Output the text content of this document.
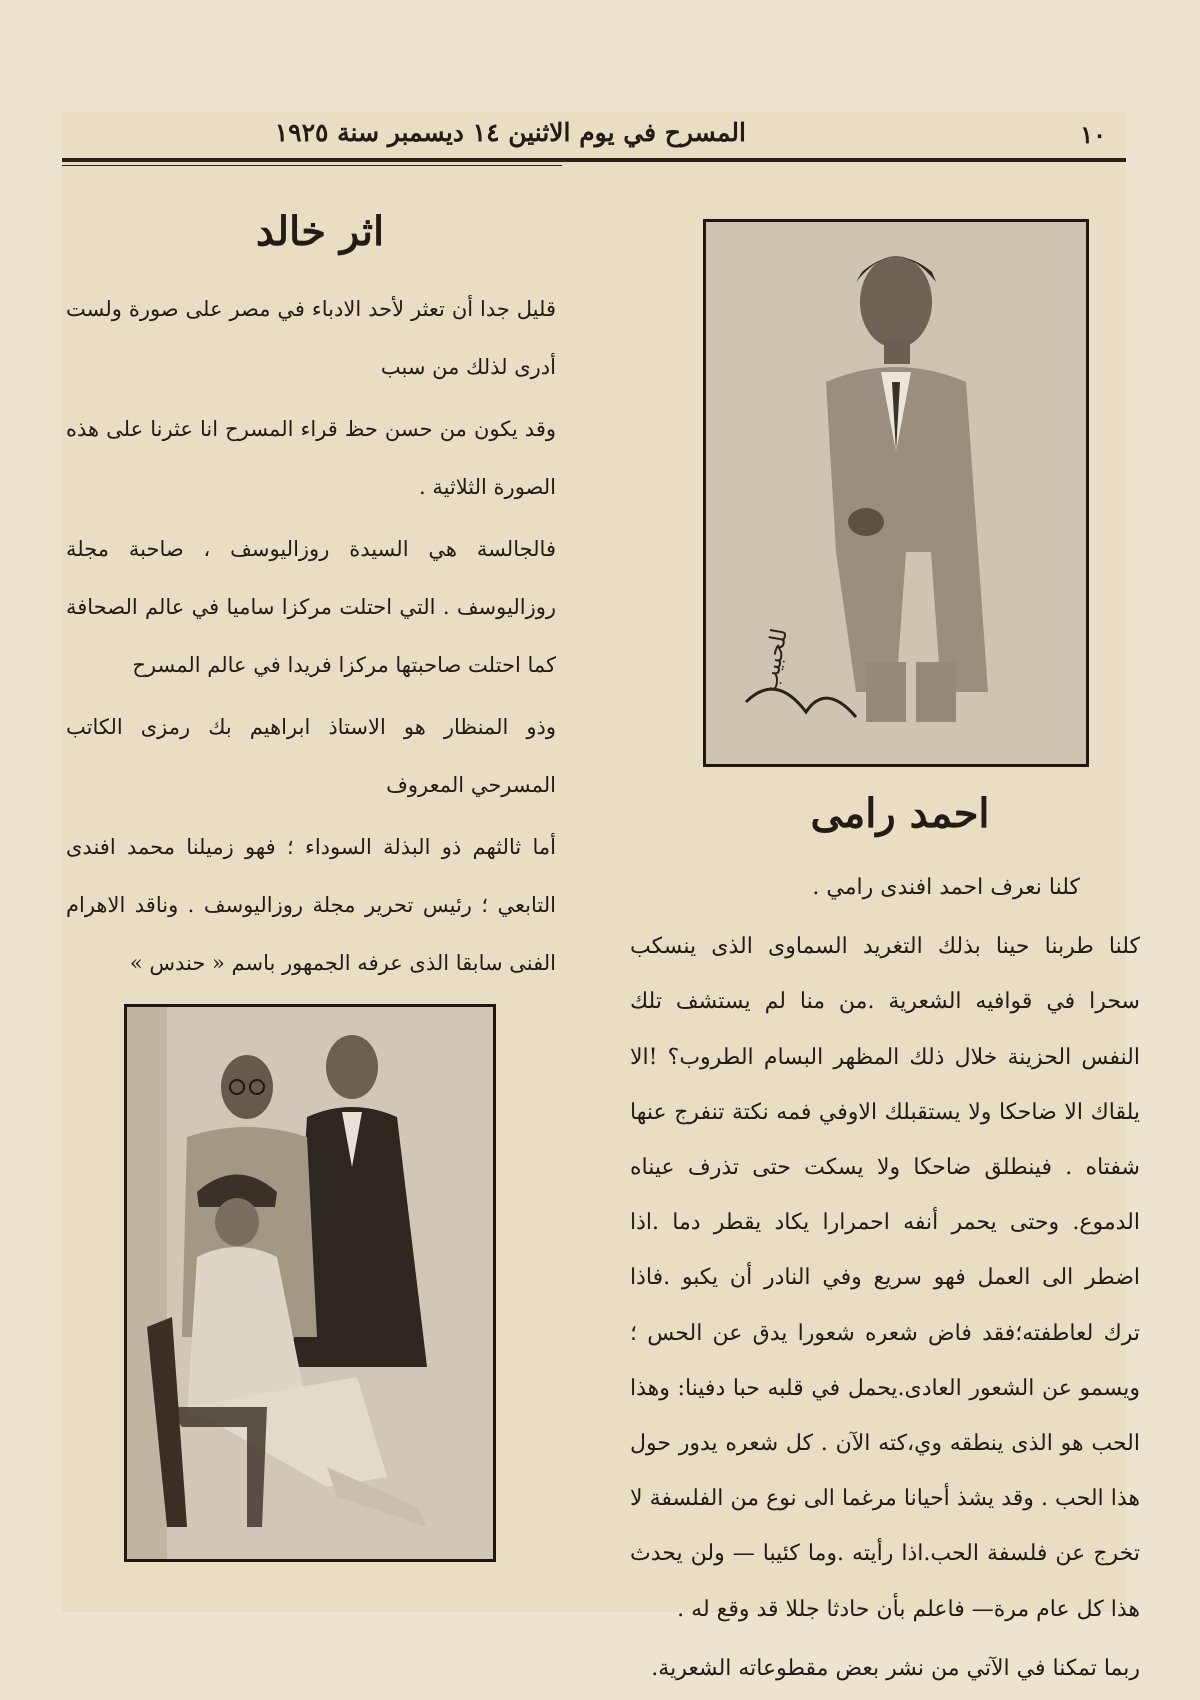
١٠
المسرح في يوم الاثنين ١٤ ديسمبر سنة ١٩٢٥
للحبيب
احمد رامى

كلنا نعرف احمد افندى رامي .

كلنا طربنا حينا بذلك التغريد السماوى الذى ينسكب سحرا في قوافيه الشعرية .من منا لم يستشف تلك النفس الحزينة خلال ذلك المظهر البسام الطروب؟ !الا يلقاك الا ضاحكا ولا يستقبلك الاوفي فمه نكتة تنفرج عنها شفتاه . فينطلق ضاحكا ولا يسكت حتى تذرف عيناه الدموع. وحتى يحمر أنفه احمرارا يكاد يقطر دما .اذا اضطر الى العمل فهو سريع وفي النادر أن يكبو .فاذا ترك لعاطفته؛فقد فاض شعره شعورا يدق عن الحس ؛ويسمو عن الشعور العادى.يحمل في قلبه حبا دفينا: وهذا الحب هو الذى ينطقه وي،كته الآن . كل شعره يدور حول هذا الحب . وقد يشذ أحيانا مرغما الى نوع من الفلسفة لا تخرج عن فلسفة الحب.اذا رأيته .وما كئيبا — ولن يحدث هذا كل عام مرة— فاعلم بأن حادثا جللا قد وقع له .

ربما تمكنا في الآتي من نشر بعض مقطوعاته الشعرية.

اثر خالد

قليل جدا أن تعثر لأحد الادباء في مصر على صورة ولست أدرى لذلك من سبب

وقد يكون من حسن حظ قراء المسرح انا عثرنا على هذه الصورة الثلاثية .

فالجالسة هي السيدة روزاليوسف ، صاحبة مجلة روزاليوسف . التي احتلت مركزا ساميا في عالم الصحافة كما احتلت صاحبتها مركزا فريدا في عالم المسرح

وذو المنظار هو الاستاذ ابراهيم بك رمزى الكاتب المسرحي المعروف

أما ثالثهم ذو البذلة السوداء ؛ فهو زميلنا محمد افندى التابعي ؛ رئيس تحرير مجلة روزاليوسف . وناقد الاهرام الفنى سابقا الذى عرفه الجمهور باسم « حندس »
